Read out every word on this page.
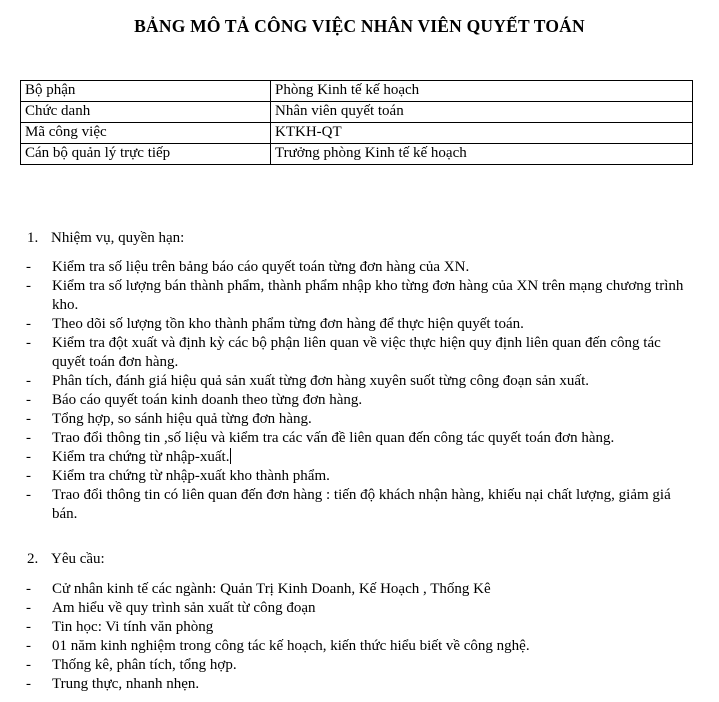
BẢNG MÔ TẢ CÔNG VIỆC NHÂN VIÊN QUYẾT TOÁN
Bộ phận	Phòng Kinh tế kế hoạch
Chức danh	Nhân viên quyết toán
Mã công việc	KTKH-QT
Cán bộ quản lý trực tiếp	Trưởng phòng Kinh tế kế hoạch
1. Nhiệm vụ, quyền hạn:
- Kiểm tra số liệu trên bảng báo cáo quyết toán từng đơn hàng của XN.
- Kiểm tra số lượng bán thành phẩm, thành phẩm nhập kho từng đơn hàng của XN trên mạng chương trình kho.
- Theo dõi số lượng tồn kho thành phẩm từng đơn hàng để thực hiện quyết toán.
- Kiểm tra đột xuất và định kỳ các bộ phận liên quan về việc thực hiện quy định liên quan đến công tác quyết toán đơn hàng.
- Phân tích, đánh giá hiệu quả sản xuất từng đơn hàng xuyên suốt từng công đoạn sản xuất.
- Báo cáo quyết toán kinh doanh theo từng đơn hàng.
- Tổng hợp, so sánh hiệu quả từng đơn hàng.
- Trao đổi thông tin ,số liệu và kiểm tra các vấn đề liên quan đến công tác quyết toán đơn hàng.
- Kiểm tra chứng từ nhập-xuất.
- Kiểm tra chứng từ nhập-xuất kho thành phẩm.
- Trao đổi thông tin có liên quan đến đơn hàng : tiến độ khách nhận hàng, khiếu nại chất lượng, giảm giá bán.
2. Yêu cầu:
- Cử nhân kinh tế các ngành: Quản Trị Kinh Doanh, Kế Hoạch , Thống Kê
- Am hiểu về quy trình sản xuất từ công đoạn
- Tin học: Vi tính văn phòng
- 01 năm kinh nghiệm trong công tác kế hoạch, kiến thức hiểu biết về công nghệ.
- Thống kê, phân tích, tổng hợp.
- Trung thực, nhanh nhẹn.
